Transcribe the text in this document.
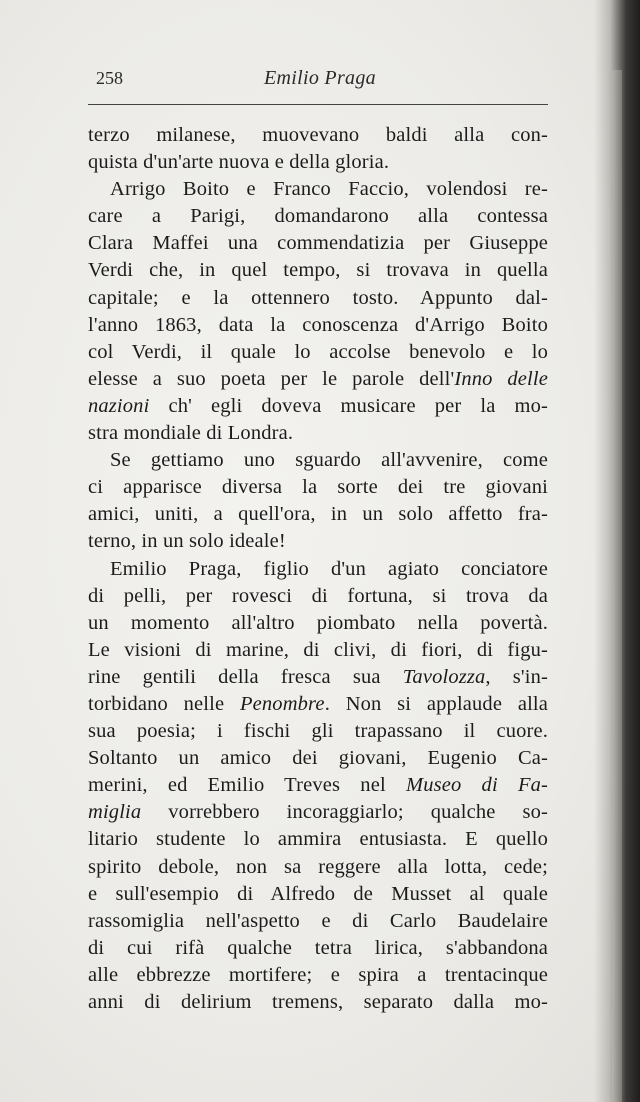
258	Emilio Praga
terzo milanese, muovevano baldi alla con-
quista d'un'arte nuova e della gloria.
Arrigo Boito e Franco Faccio, volendosi re-
care a Parigi, domandarono alla contessa
Clara Maffei una commendatizia per Giuseppe
Verdi che, in quel tempo, si trovava in quella
capitale; e la ottennero tosto. Appunto dal-
l'anno 1863, data la conoscenza d'Arrigo Boito
col Verdi, il quale lo accolse benevolo e lo
elesse a suo poeta per le parole dell'Inno delle
nazioni ch' egli doveva musicare per la mo-
stra mondiale di Londra.
Se gettiamo uno sguardo all'avvenire, come
ci apparisce diversa la sorte dei tre giovani
amici, uniti, a quell'ora, in un solo affetto fra-
terno, in un solo ideale!
Emilio Praga, figlio d'un agiato conciatore
di pelli, per rovesci di fortuna, si trova da
un momento all'altro piombato nella povertà.
Le visioni di marine, di clivi, di fiori, di figu-
rine gentili della fresca sua Tavolozza, s'in-
torbidano nelle Penombre. Non si applaude alla
sua poesia; i fischi gli trapassano il cuore.
Soltanto un amico dei giovani, Eugenio Ca-
merini, ed Emilio Treves nel Museo di Fa-
miglia vorrebbero incoraggiarlo; qualche so-
litario studente lo ammira entusiasta. E quello
spirito debole, non sa reggere alla lotta, cede;
e sull'esempio di Alfredo de Musset al quale
rassomiglia nell'aspetto e di Carlo Baudelaire
di cui rifà qualche tetra lirica, s'abbandona
alle ebbrezze mortifere; e spira a trentacinque
anni di delirium tremens, separato dalla mo-
